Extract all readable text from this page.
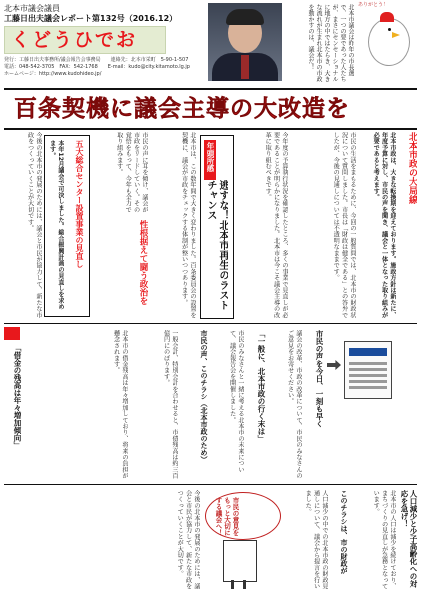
北本市議会議員
工藤日出夫議会レポート第132号（2016.12）
くどうひでお
発行：工藤日出夫事務所/議会報告会事務局　　連絡先：北本市栄町　5-90-1-507
電話：048-542-3705　FAX：542-1768　　E-mail：kudo@city.kitamoto.lg.jp
ホームページ：http://www.kudohideo.jp/	北本市議会は昨年の市長選で、一つの要であった人たちが、まさにセンセーショナルに地方の中ではたらき、大きな流れが生まれ北本市の市政を動かすのは、議会だ！	ありがとう！
百条契機に議会主導の大改造を
北本市政の大局線
北本市政は、大きな転換期を迎えております。施政方針は新たに、年度予算に対し、市民の声を聞き、議会と一体となった取り組みが必要であると考えます。
市民の生活をまもるために、今回の一般質問では、北本市の財政状況について質問しました。市長は「財政は健全である」との答弁でしたが、今後の見通しについては不透明なままです。
今年度の予算執行状況を確認したところ、多くの事業で見直しが必要であることが明らかになりました。北本市は今こそ議会主導の改革に取り組むべきです。
年頭所感
逃すな！北本市再生のラストチャンス
北本市は、この数年間で大きく変わりました。百条委員会の設置を契機に、議会が市政をチェックする体制が整いつつあります。
性根据えて闘う政治を
市民の声に耳を傾け、議会が市政をリードしていく。その覚悟をもって、今年も全力で取り組みます。
五大総合センター設置事業の見直し
本年12月議会で可決しました。総合振興計画の見直しを求めます。
今後の北本市の発展のためには、議会と市民が協力して、新たな市政をつくっていくことが大切です。
市民の声を今日、一刻も早く
議会の改革、市政の改革について、市民のみなさんのご意見をお寄せください。
「一般に、北本市政の行く末は」
市民のみなさんと一緒に考える北本市の未来について、議会報告会を開催しました。
市民の声、このチラシ（北本市政のため）
一般会計、特別会計を合わせると、市債残高は約三百億円にのぼります。
北本市の借金残高は年々増加しており、将来の負担が懸念されます。
「借金の残高は年々増加傾向」
人口減少と少子高齢化への対応を急げ！
北本市の人口は減少を続けており、まちづくりの見直しが急務となっています。
このチラシは、市の財政が
人口減少の中での北本市政の財政見通しについて、議会から提言を行いました。
市民の意見をもっと大切にする議会へ！
今後の北本市の発展のためには、議会と市民が協力して、新たな市政をつくっていくことが大切です。
